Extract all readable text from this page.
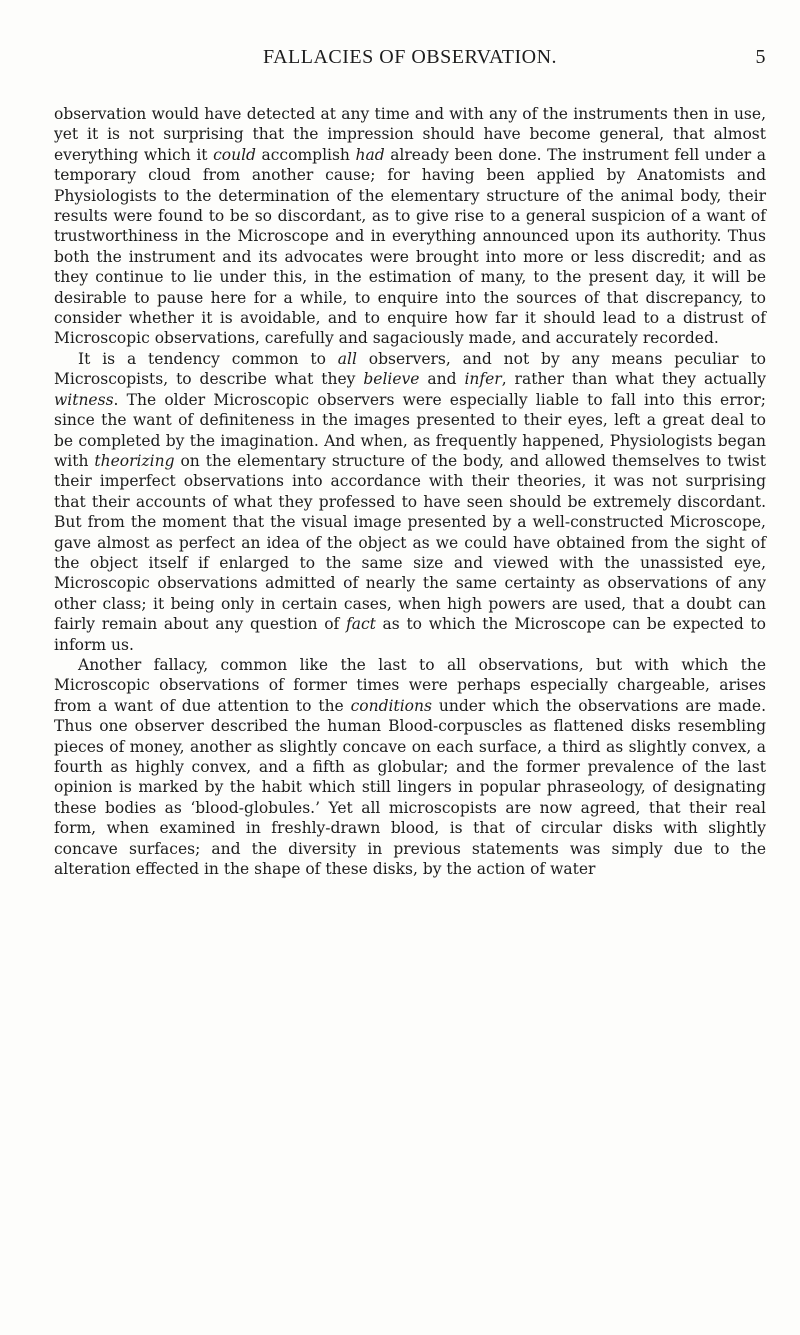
FALLACIES OF OBSERVATION.	5

observation would have detected at any time and with any of the instruments then in use, yet it is not surprising that the impression should have become general, that almost everything which it could accomplish had already been done. The instrument fell under a temporary cloud from another cause; for having been applied by Anatomists and Physiologists to the determination of the elementary structure of the animal body, their results were found to be so discordant, as to give rise to a general suspicion of a want of trustworthiness in the Microscope and in everything announced upon its authority. Thus both the instrument and its advocates were brought into more or less discredit; and as they continue to lie under this, in the estimation of many, to the present day, it will be desirable to pause here for a while, to enquire into the sources of that discrepancy, to consider whether it is avoidable, and to enquire how far it should lead to a distrust of Microscopic observations, carefully and sagaciously made, and accurately recorded.

It is a tendency common to all observers, and not by any means peculiar to Microscopists, to describe what they believe and infer, rather than what they actually witness. The older Microscopic observers were especially liable to fall into this error; since the want of definiteness in the images presented to their eyes, left a great deal to be completed by the imagination. And when, as frequently happened, Physiologists began with theorizing on the elementary structure of the body, and allowed themselves to twist their imperfect observations into accordance with their theories, it was not surprising that their accounts of what they professed to have seen should be extremely discordant. But from the moment that the visual image presented by a well-constructed Microscope, gave almost as perfect an idea of the object as we could have obtained from the sight of the object itself if enlarged to the same size and viewed with the unassisted eye, Microscopic observations admitted of nearly the same certainty as observations of any other class; it being only in certain cases, when high powers are used, that a doubt can fairly remain about any question of fact as to which the Microscope can be expected to inform us.

Another fallacy, common like the last to all observations, but with which the Microscopic observations of former times were perhaps especially chargeable, arises from a want of due attention to the conditions under which the observations are made. Thus one observer described the human Blood-corpuscles as flattened disks resembling pieces of money, another as slightly concave on each surface, a third as slightly convex, a fourth as highly convex, and a fifth as globular; and the former prevalence of the last opinion is marked by the habit which still lingers in popular phraseology, of designating these bodies as ‘blood-globules.’ Yet all microscopists are now agreed, that their real form, when examined in freshly-drawn blood, is that of circular disks with slightly concave surfaces; and the diversity in previous statements was simply due to the alteration effected in the shape of these disks, by the action of water
